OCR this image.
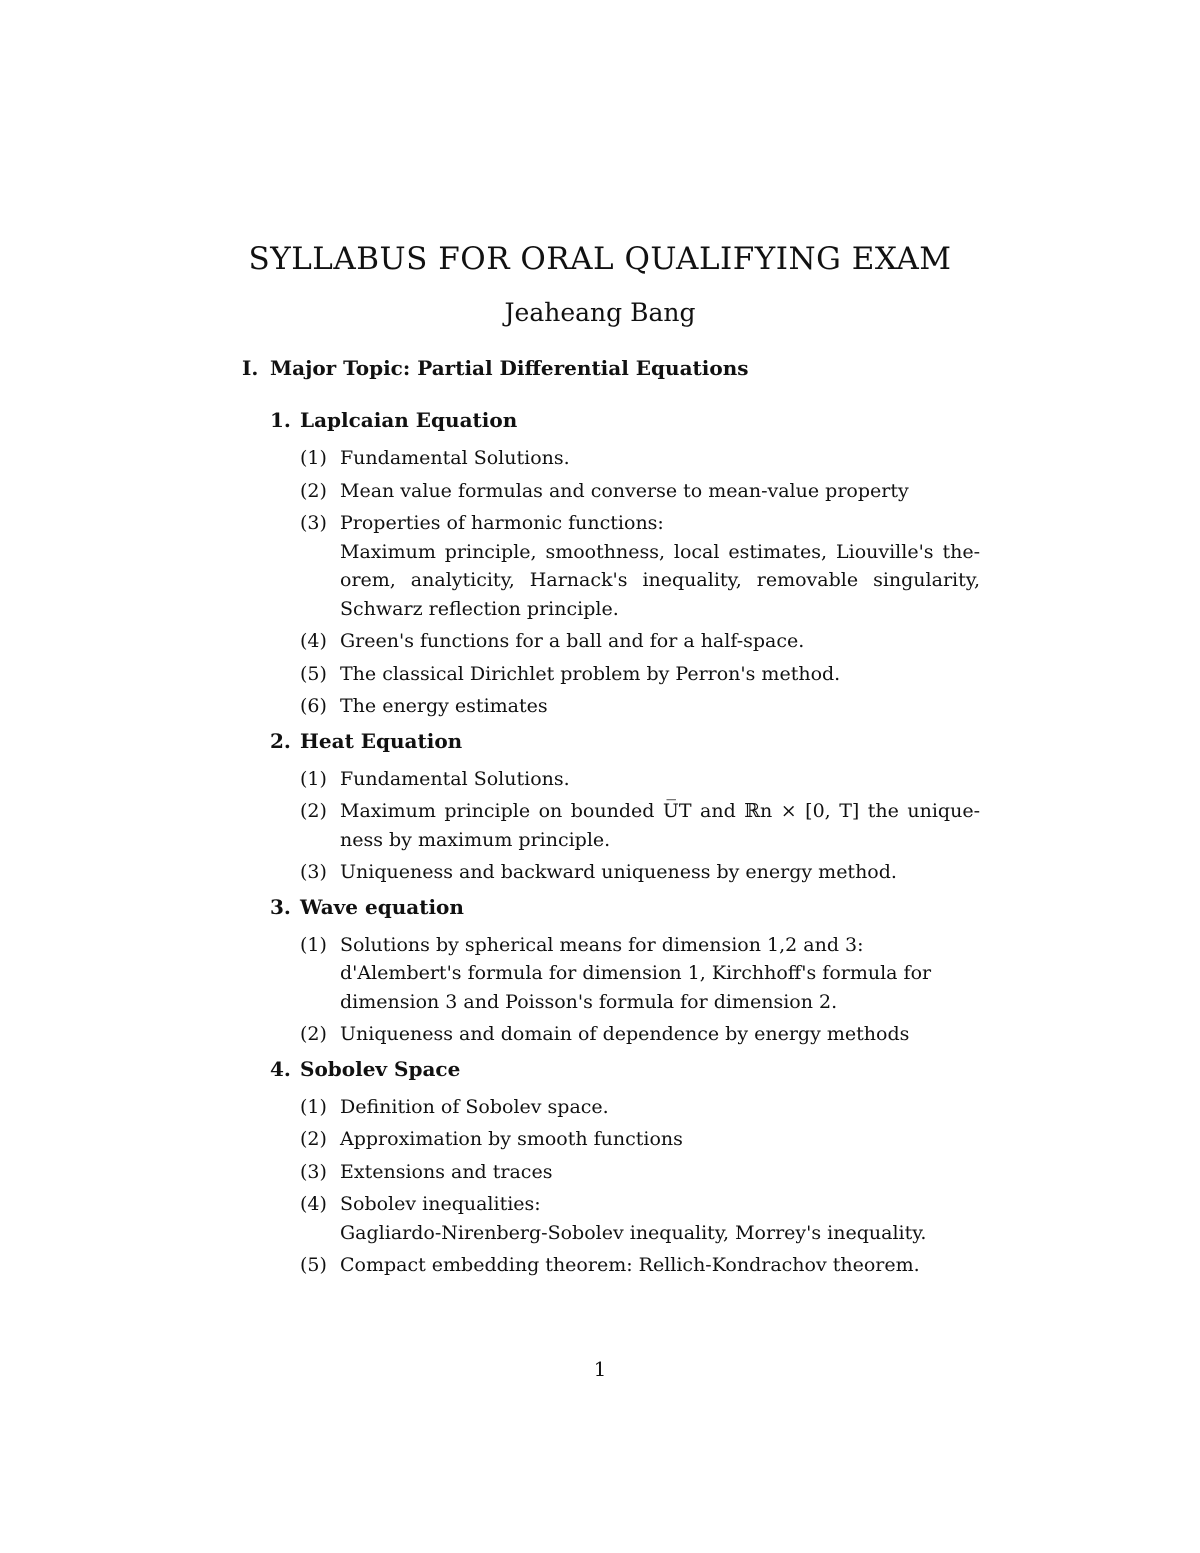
SYLLABUS FOR ORAL QUALIFYING EXAM
Jeaheang Bang
I. Major Topic: Partial Differential Equations
1. Laplcaian Equation
(1) Fundamental Solutions.
(2) Mean value formulas and converse to mean-value property
(3) Properties of harmonic functions:
Maximum principle, smoothness, local estimates, Liouville's the-
orem, analyticity, Harnack's inequality, removable singularity,
Schwarz reflection principle.
(4) Green's functions for a ball and for a half-space.
(5) The classical Dirichlet problem by Perron's method.
(6) The energy estimates
2. Heat Equation
(1) Fundamental Solutions.
(2) Maximum principle on bounded U̅T and ℝn × [0, T] the unique-
ness by maximum principle.
(3) Uniqueness and backward uniqueness by energy method.
3. Wave equation
(1) Solutions by spherical means for dimension 1,2 and 3:
d'Alembert's formula for dimension 1, Kirchhoff's formula for
dimension 3 and Poisson's formula for dimension 2.
(2) Uniqueness and domain of dependence by energy methods
4. Sobolev Space
(1) Definition of Sobolev space.
(2) Approximation by smooth functions
(3) Extensions and traces
(4) Sobolev inequalities:
Gagliardo-Nirenberg-Sobolev inequality, Morrey's inequality.
(5) Compact embedding theorem: Rellich-Kondrachov theorem.
1
